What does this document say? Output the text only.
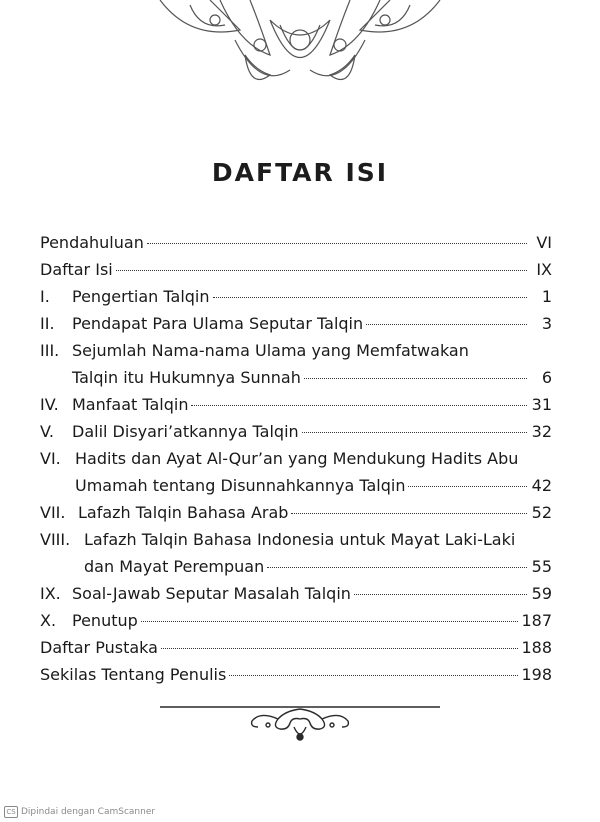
DAFTAR ISI
Pendahuluan	VI
Daftar Isi	IX
I.	Pengertian Talqin	1
II.	Pendapat Para Ulama Seputar Talqin	3
III. Sejumlah Nama-nama Ulama yang Memfatwakan
Talqin itu Hukumnya Sunnah	6
IV. Manfaat Talqin	31
V.	Dalil Disyari’atkannya Talqin	32
VI. Hadits dan Ayat Al-Qur’an yang Mendukung Hadits Abu
Umamah tentang Disunnahkannya Talqin	42
VII. Lafazh Talqin Bahasa Arab	52
VIII. Lafazh Talqin Bahasa Indonesia untuk Mayat Laki-Laki
dan Mayat Perempuan	55
IX. Soal-Jawab Seputar Masalah Talqin	59
X. Penutup	187
Daftar Pustaka	188
Sekilas Tentang Penulis	198
CS Dipindai dengan CamScanner
